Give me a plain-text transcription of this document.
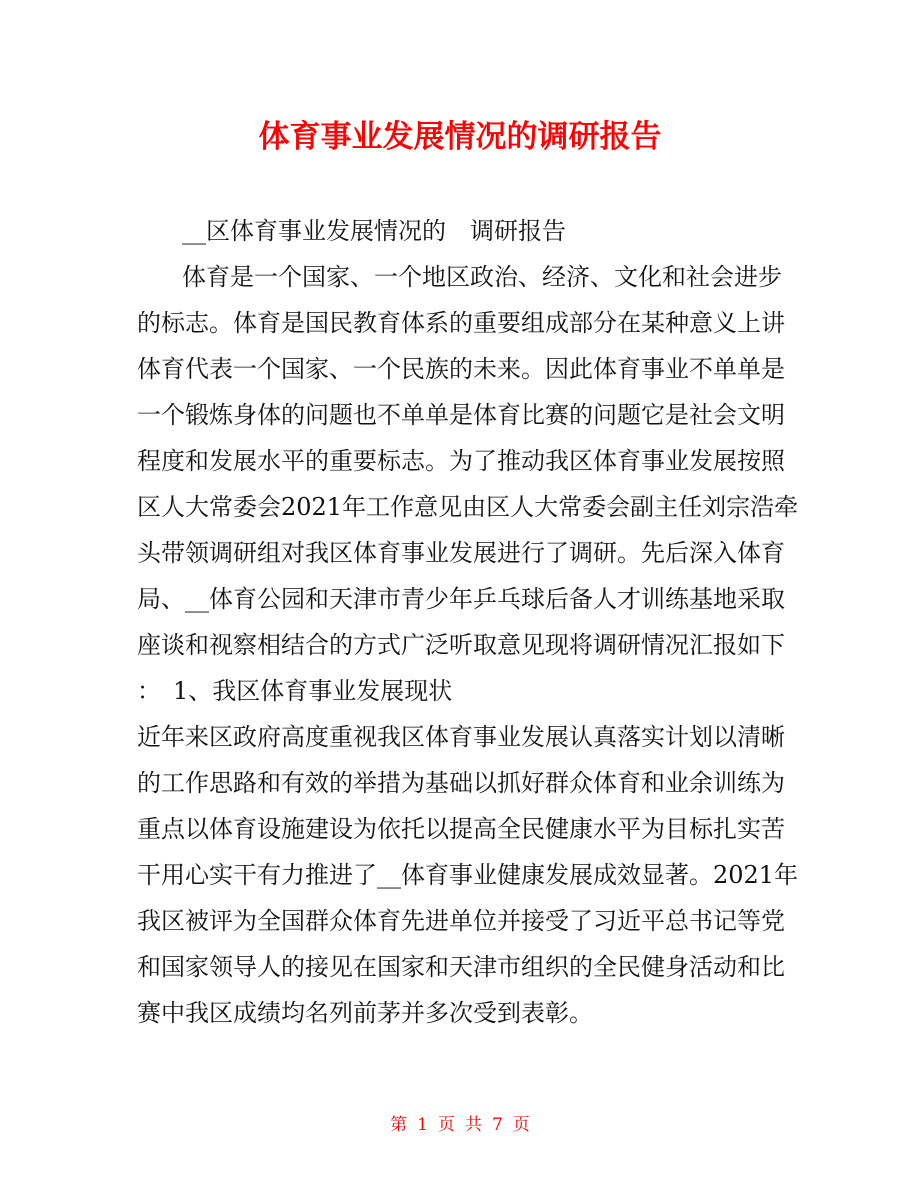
体育事业发展情况的调研报告

__区体育事业发展情况的　调研报告

体育是一个国家、一个地区政治、经济、文化和社会进步

的标志。体育是国民教育体系的重要组成部分在某种意义上讲

体育代表一个国家、一个民族的未来。因此体育事业不单单是

一个锻炼身体的问题也不单单是体育比赛的问题它是社会文明

程度和发展水平的重要标志。为了推动我区体育事业发展按照

区人大常委会2021年工作意见由区人大常委会副主任刘宗浩牵

头带领调研组对我区体育事业发展进行了调研。先后深入体育

局、__体育公园和天津市青少年乒乓球后备人才训练基地采取

座谈和视察相结合的方式广泛听取意见现将调研情况汇报如下

：　1、我区体育事业发展现状

近年来区政府高度重视我区体育事业发展认真落实计划以清晰

的工作思路和有效的举措为基础以抓好群众体育和业余训练为

重点以体育设施建设为依托以提高全民健康水平为目标扎实苦

干用心实干有力推进了__体育事业健康发展成效显著。2021年

我区被评为全国群众体育先进单位并接受了习近平总书记等党

和国家领导人的接见在国家和天津市组织的全民健身活动和比

赛中我区成绩均名列前茅并多次受到表彰。

第 1 页 共 7 页
